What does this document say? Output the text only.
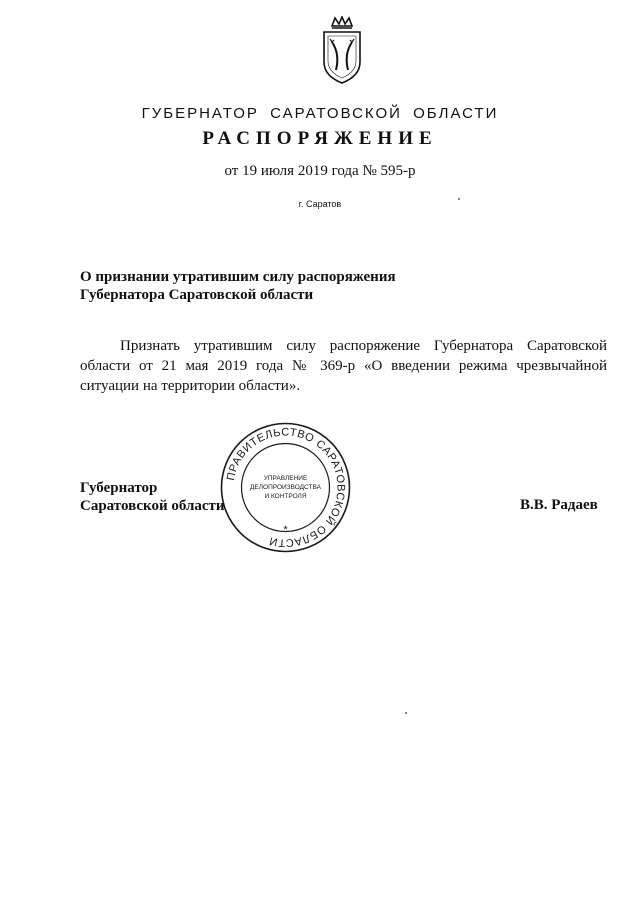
ГУБЕРНАТОР САРАТОВСКОЙ ОБЛАСТИ
РАСПОРЯЖЕНИЕ
от 19 июля 2019 года № 595-р
г. Саратов
О признании утратившим силу распоряжения
Губернатора Саратовской области
Признать утратившим силу распоряжение Губернатора Саратовской области от 21 мая 2019 года № 369-р «О введении режима чрезвычайной ситуации на территории области».
Губернатор
Саратовской области	В.В. Радаев
ПРАВИТЕЛЬСТВО САРАТОВСКОЙ ОБЛАСТИ
УПРАВЛЕНИЕ
ДЕЛОПРОИЗВОДСТВА
И КОНТРОЛЯ
*
